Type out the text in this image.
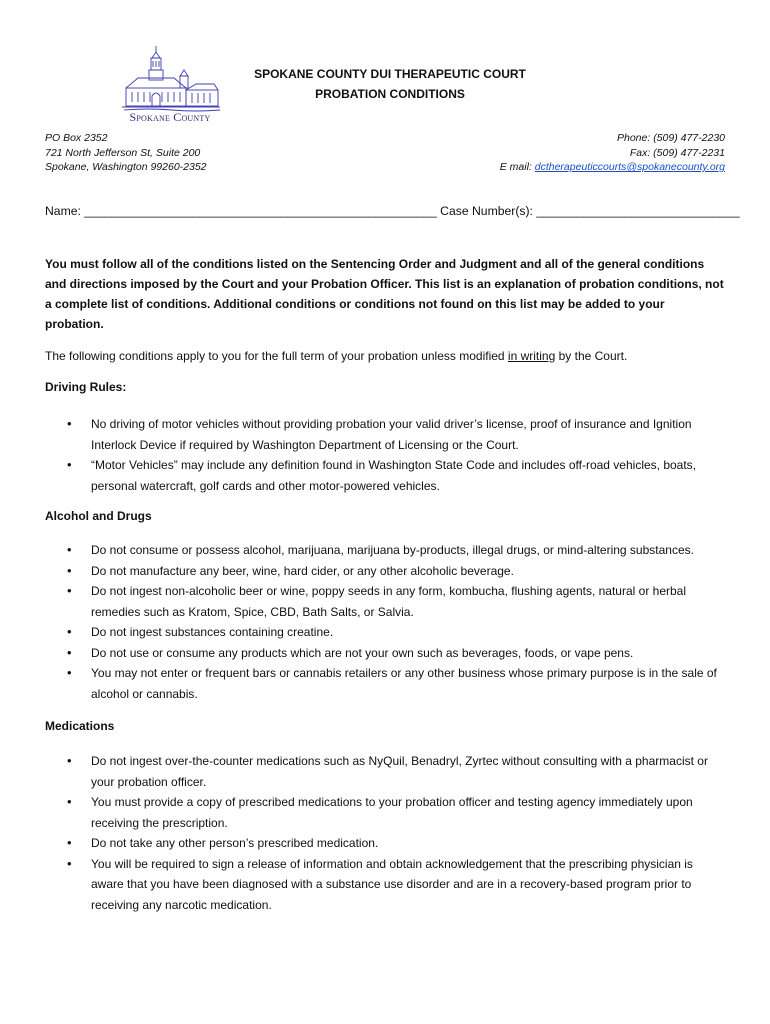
Spokane County
SPOKANE COUNTY DUI THERAPEUTIC COURT
PROBATION CONDITIONS
PO Box 2352
721 North Jefferson St, Suite 200
Spokane, Washington 99260-2352
Phone: (509) 477-2230
Fax: (509) 477-2231
E mail: dctherapeuticcourts@spokanecounty.org
Name: ____________________________________________________ Case Number(s): ______________________________
You must follow all of the conditions listed on the Sentencing Order and Judgment and all of the general conditions and directions imposed by the Court and your Probation Officer. This list is an explanation of probation conditions, not a complete list of conditions. Additional conditions or conditions not found on this list may be added to your probation.
The following conditions apply to you for the full term of your probation unless modified in writing by the Court.
Driving Rules:
• No driving of motor vehicles without providing probation your valid driver’s license, proof of insurance and Ignition Interlock Device if required by Washington Department of Licensing or the Court.
• “Motor Vehicles” may include any definition found in Washington State Code and includes off-road vehicles, boats, personal watercraft, golf cards and other motor-powered vehicles.
Alcohol and Drugs
• Do not consume or possess alcohol, marijuana, marijuana by-products, illegal drugs, or mind-altering substances.
• Do not manufacture any beer, wine, hard cider, or any other alcoholic beverage.
• Do not ingest non-alcoholic beer or wine, poppy seeds in any form, kombucha, flushing agents, natural or herbal remedies such as Kratom, Spice, CBD, Bath Salts, or Salvia.
• Do not ingest substances containing creatine.
• Do not use or consume any products which are not your own such as beverages, foods, or vape pens.
• You may not enter or frequent bars or cannabis retailers or any other business whose primary purpose is in the sale of alcohol or cannabis.
Medications
• Do not ingest over-the-counter medications such as NyQuil, Benadryl, Zyrtec without consulting with a pharmacist or your probation officer.
• You must provide a copy of prescribed medications to your probation officer and testing agency immediately upon receiving the prescription.
• Do not take any other person’s prescribed medication.
• You will be required to sign a release of information and obtain acknowledgement that the prescribing physician is aware that you have been diagnosed with a substance use disorder and are in a recovery-based program prior to receiving any narcotic medication.
